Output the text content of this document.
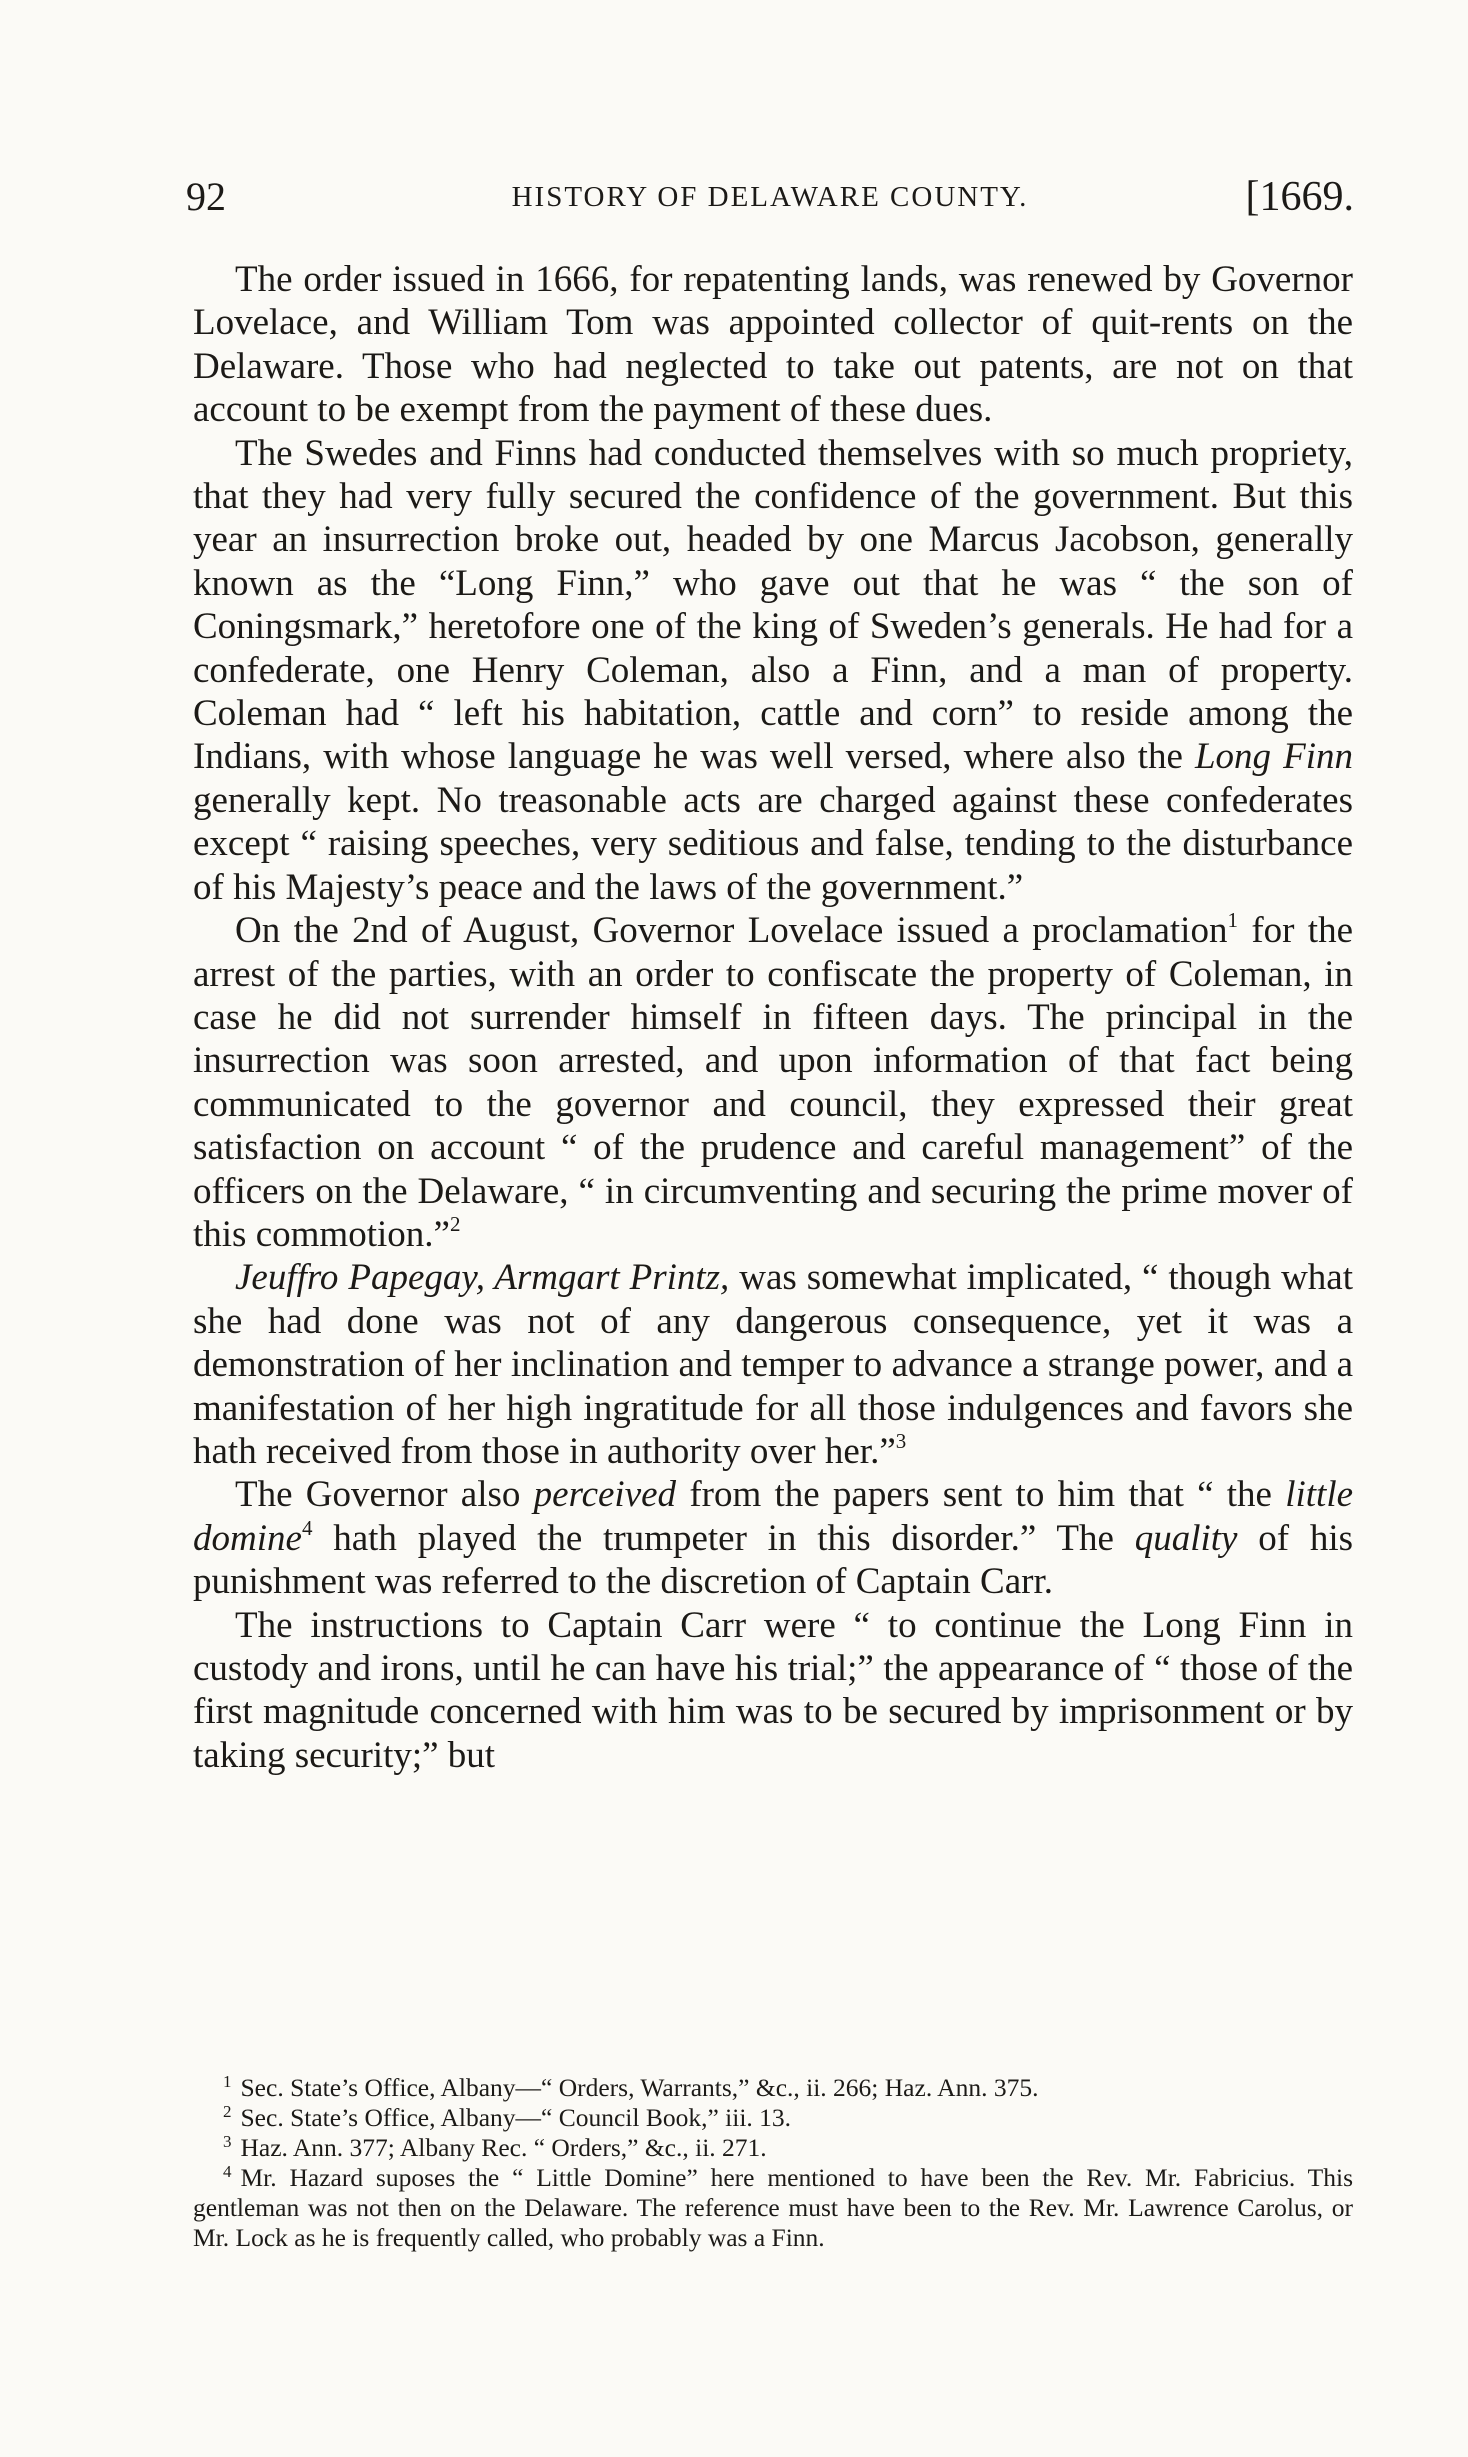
92	HISTORY OF DELAWARE COUNTY.	[1669.

The order issued in 1666, for repatenting lands, was renewed by Governor Lovelace, and William Tom was appointed collector of quit-rents on the Delaware. Those who had neglected to take out patents, are not on that account to be exempt from the payment of these dues.

The Swedes and Finns had conducted themselves with so much propriety, that they had very fully secured the confidence of the government. But this year an insurrection broke out, headed by one Marcus Jacobson, generally known as the “Long Finn,” who gave out that he was “ the son of Coningsmark,” heretofore one of the king of Sweden’s generals. He had for a confederate, one Henry Coleman, also a Finn, and a man of property. Coleman had “ left his habitation, cattle and corn” to reside among the Indians, with whose language he was well versed, where also the Long Finn generally kept. No treasonable acts are charged against these confederates except “ raising speeches, very seditious and false, tending to the disturbance of his Majesty’s peace and the laws of the government.”

On the 2nd of August, Governor Lovelace issued a proclamation$^1$ for the arrest of the parties, with an order to confiscate the property of Coleman, in case he did not surrender himself in fifteen days. The principal in the insurrection was soon arrested, and upon information of that fact being communicated to the governor and council, they expressed their great satisfaction on account “ of the prudence and careful management” of the officers on the Delaware, “ in circumventing and securing the prime mover of this commotion.”$^2$

Jeuffro Papegay, Armgart Printz, was somewhat implicated, “ though what she had done was not of any dangerous consequence, yet it was a demonstration of her inclination and temper to advance a strange power, and a manifestation of her high ingratitude for all those indulgences and favors she hath received from those in authority over her.”$^3$

The Governor also perceived from the papers sent to him that “ the little domine$^4$ hath played the trumpeter in this disorder.” The quality of his punishment was referred to the discretion of Captain Carr.

The instructions to Captain Carr were “ to continue the Long Finn in custody and irons, until he can have his trial;” the appearance of “ those of the first magnitude concerned with him was to be secured by imprisonment or by taking security;” but

$^1$ Sec. State’s Office, Albany—“ Orders, Warrants,” &c., ii. 266; Haz. Ann. 375.

$^2$ Sec. State’s Office, Albany—“ Council Book,” iii. 13.

$^3$ Haz. Ann. 377; Albany Rec. “ Orders,” &c., ii. 271.

$^4$ Mr. Hazard suposes the “ Little Domine” here mentioned to have been the Rev. Mr. Fabricius. This gentleman was not then on the Delaware. The reference must have been to the Rev. Mr. Lawrence Carolus, or Mr. Lock as he is frequently called, who probably was a Finn.
